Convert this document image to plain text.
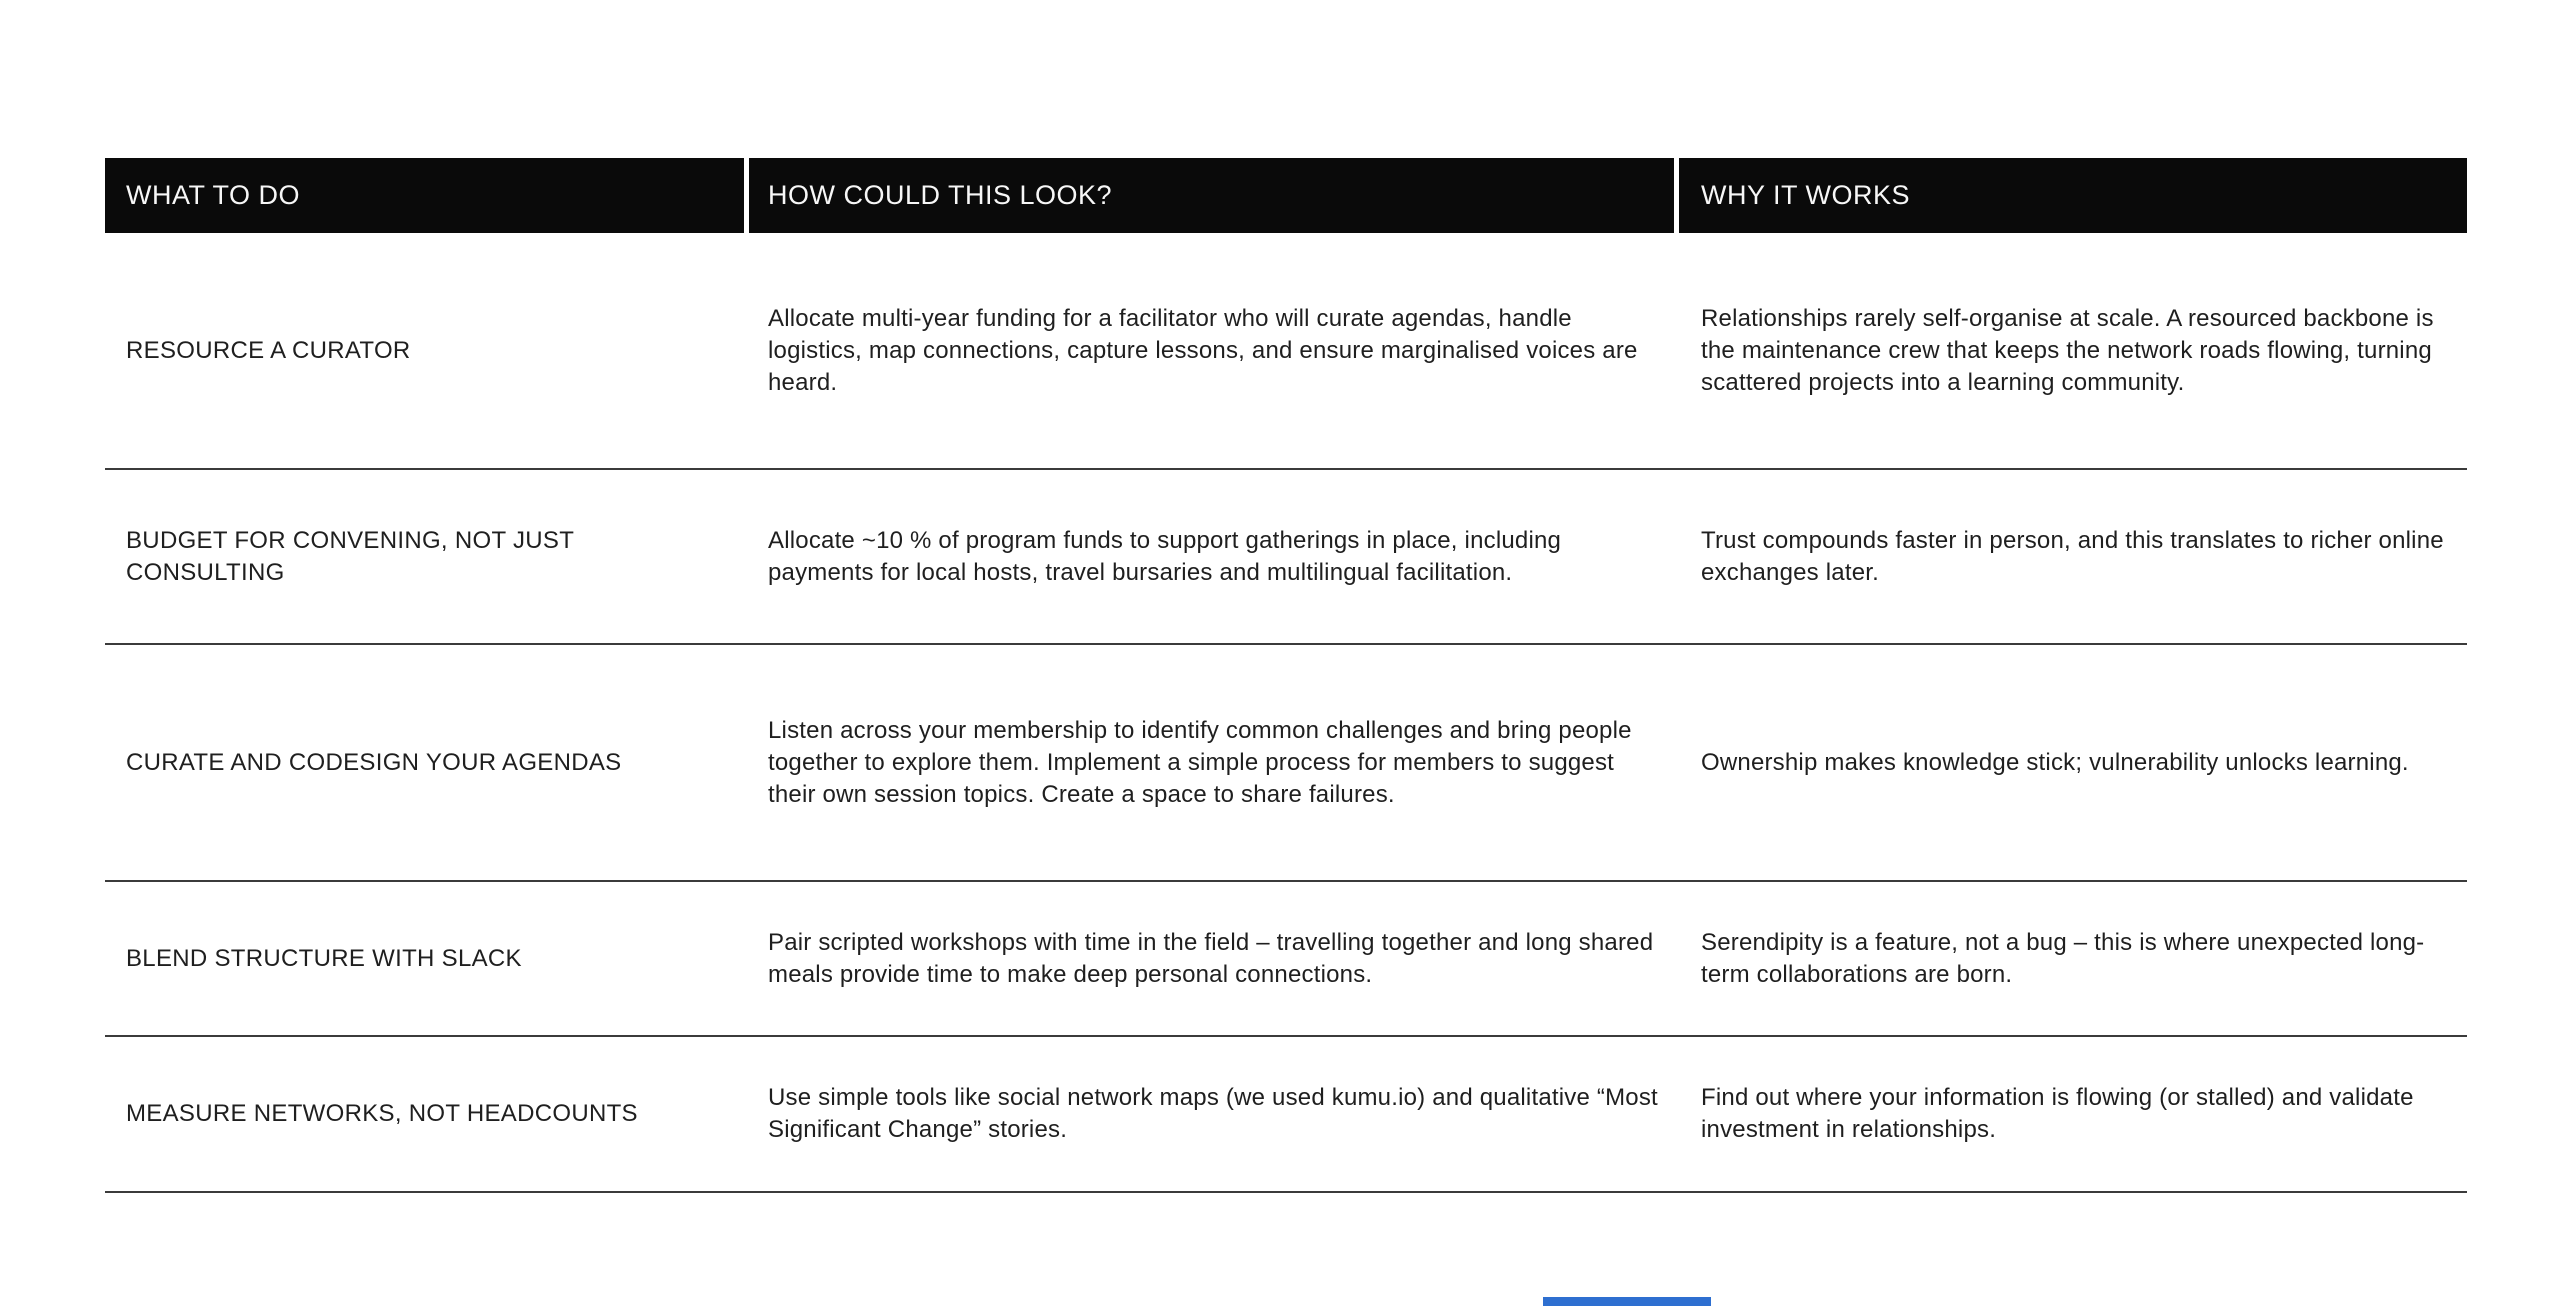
WHAT TO DO	HOW COULD THIS LOOK?	WHY IT WORKS
RESOURCE A CURATOR
Allocate multi-year funding for a facilitator who will curate agendas, handle logistics, map connections, capture lessons, and ensure marginalised voices are heard.
Relationships rarely self-organise at scale. A resourced backbone is the maintenance crew that keeps the network roads flowing, turning scattered projects into a learning community.
BUDGET FOR CONVENING, NOT JUST CONSULTING
Allocate ~10 % of program funds to support gatherings in place, including payments for local hosts, travel bursaries and multilingual facilitation.
Trust compounds faster in person, and this translates to richer online exchanges later.
CURATE AND CODESIGN YOUR AGENDAS
Listen across your membership to identify common challenges and bring people together to explore them. Implement a simple process for members to suggest their own session topics. Create a space to share failures.
Ownership makes knowledge stick; vulnerability unlocks learning.
BLEND STRUCTURE WITH SLACK
Pair scripted workshops with time in the field – travelling together and long shared meals provide time to make deep personal connections.
Serendipity is a feature, not a bug – this is where unexpected long-term collaborations are born.
MEASURE NETWORKS, NOT HEADCOUNTS
Use simple tools like social network maps (we used kumu.io) and qualitative “Most Significant Change” stories.
Find out where your information is flowing (or stalled) and validate investment in relationships.
